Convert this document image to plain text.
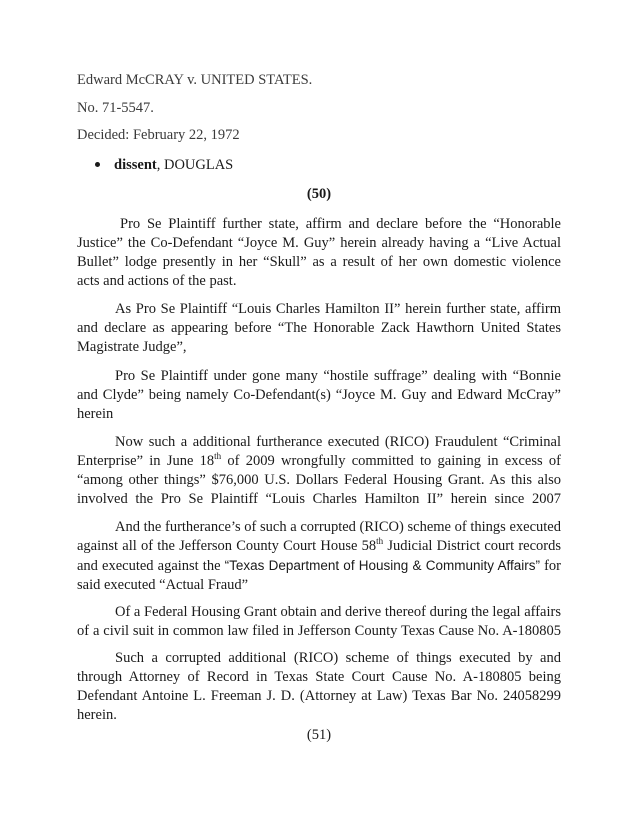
Edward McCRAY v. UNITED STATES.
No. 71-5547.
Decided: February 22, 1972
dissent, DOUGLAS
(50)
Pro Se Plaintiff further state, affirm and declare before the “Honorable
Justice” the Co-Defendant “Joyce M. Guy” herein already having a “Live Actual
Bullet” lodge presently in her “Skull” as a result of her own domestic violence
acts and actions of the past.
As Pro Se Plaintiff “Louis Charles Hamilton II” herein further state, affirm
and declare as appearing before “The Honorable Zack Hawthorn United States
Magistrate Judge”,
Pro Se Plaintiff under gone many “hostile suffrage” dealing with “Bonnie
and Clyde” being namely Co-Defendant(s) “Joyce M. Guy and Edward McCray”
herein
Now such a additional furtherance executed (RICO) Fraudulent “Criminal
Enterprise” in June 18th of 2009 wrongfully committed to gaining in excess of
“among other things” $76,000 U.S. Dollars Federal Housing Grant. As this also
involved the Pro Se Plaintiff “Louis Charles Hamilton II” herein since 2007
And the furtherance’s of such a corrupted (RICO) scheme of things executed
against all of the Jefferson County Court House 58th Judicial District court records
and executed against the “Texas Department of Housing & Community Affairs” for
said executed “Actual Fraud”
Of a Federal Housing Grant obtain and derive thereof during the legal affairs
of a civil suit in common law filed in Jefferson County Texas Cause No. A-180805
Such a corrupted additional (RICO) scheme of things executed by and
through Attorney of Record in Texas State Court Cause No. A-180805 being
Defendant Antoine L. Freeman J. D. (Attorney at Law) Texas Bar No. 24058299
herein.
(51)
